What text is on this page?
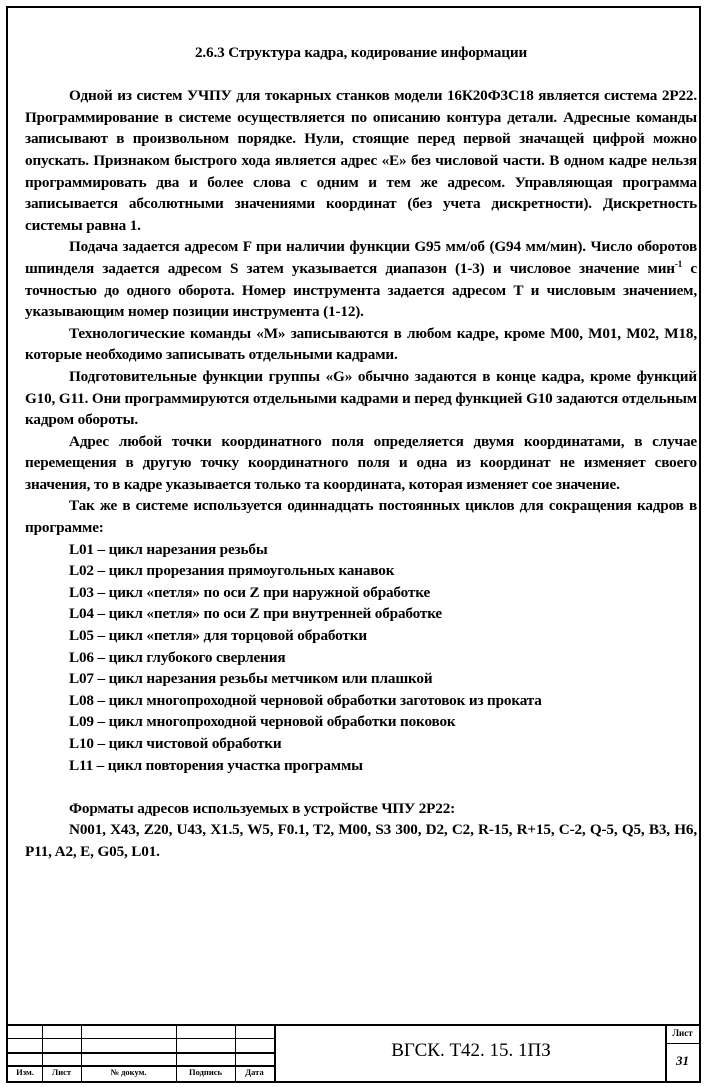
2.6.3 Структура кадра, кодирование информации

Одной из систем УЧПУ для токарных станков модели 16К20Ф3С18 является система 2Р22. Программирование в системе осуществляется по описанию контура детали. Адресные команды записывают в произвольном порядке. Нули, стоящие перед первой значащей цифрой можно опускать. Признаком быстрого хода является адрес «Е» без числовой части. В одном кадре нельзя программировать два и более слова с одним и тем же адресом. Управляющая программа записывается абсолютными значениями координат (без учета дискретности). Дискретность системы равна 1.

Подача задается адресом F при наличии функции G95 мм/об (G94 мм/мин). Число оборотов шпинделя задается адресом S затем указывается диапазон (1-3) и числовое значение мин$^{-1}$ с точностью до одного оборота. Номер инструмента задается адресом Т и числовым значением, указывающим номер позиции инструмента (1-12).

Технологические команды «М» записываются в любом кадре, кроме М00, М01, М02, М18, которые необходимо записывать отдельными кадрами.

Подготовительные функции группы «G» обычно задаются в конце кадра, кроме функций G10, G11. Они программируются отдельными кадрами и перед функцией G10 задаются отдельным кадром обороты.

Адрес любой точки координатного поля определяется двумя координатами, в случае перемещения в другую точку координатного поля и одна из координат не изменяет своего значения, то в кадре указывается только та координата, которая изменяет сое значение.

Так же в системе используется одиннадцать постоянных циклов для сокращения кадров в программе:

L01 – цикл нарезания резьбы
L02 – цикл прорезания прямоугольных канавок
L03 – цикл «петля» по оси Z при наружной обработке
L04 – цикл «петля» по оси Z при внутренней обработке
L05 – цикл «петля» для торцовой обработки
L06 – цикл глубокого сверления
L07 – цикл нарезания резьбы метчиком или плашкой
L08 – цикл многопроходной черновой обработки заготовок из проката
L09 – цикл многопроходной черновой обработки поковок
L10 – цикл чистовой обработки
L11 – цикл повторения участка программы

Форматы адресов используемых в устройстве ЧПУ 2Р22:

N001, X43, Z20, U43, X1.5, W5, F0.1, T2, M00, S3 300, D2, C2, R-15, R+15, C-2, Q-5, Q5, B3, H6, P11, A2, E, G05, L01.

Изм.	Лист	№ докум.	Подпись	Дата
ВГСК. Т42. 15. 1ПЗ
Лист
31
